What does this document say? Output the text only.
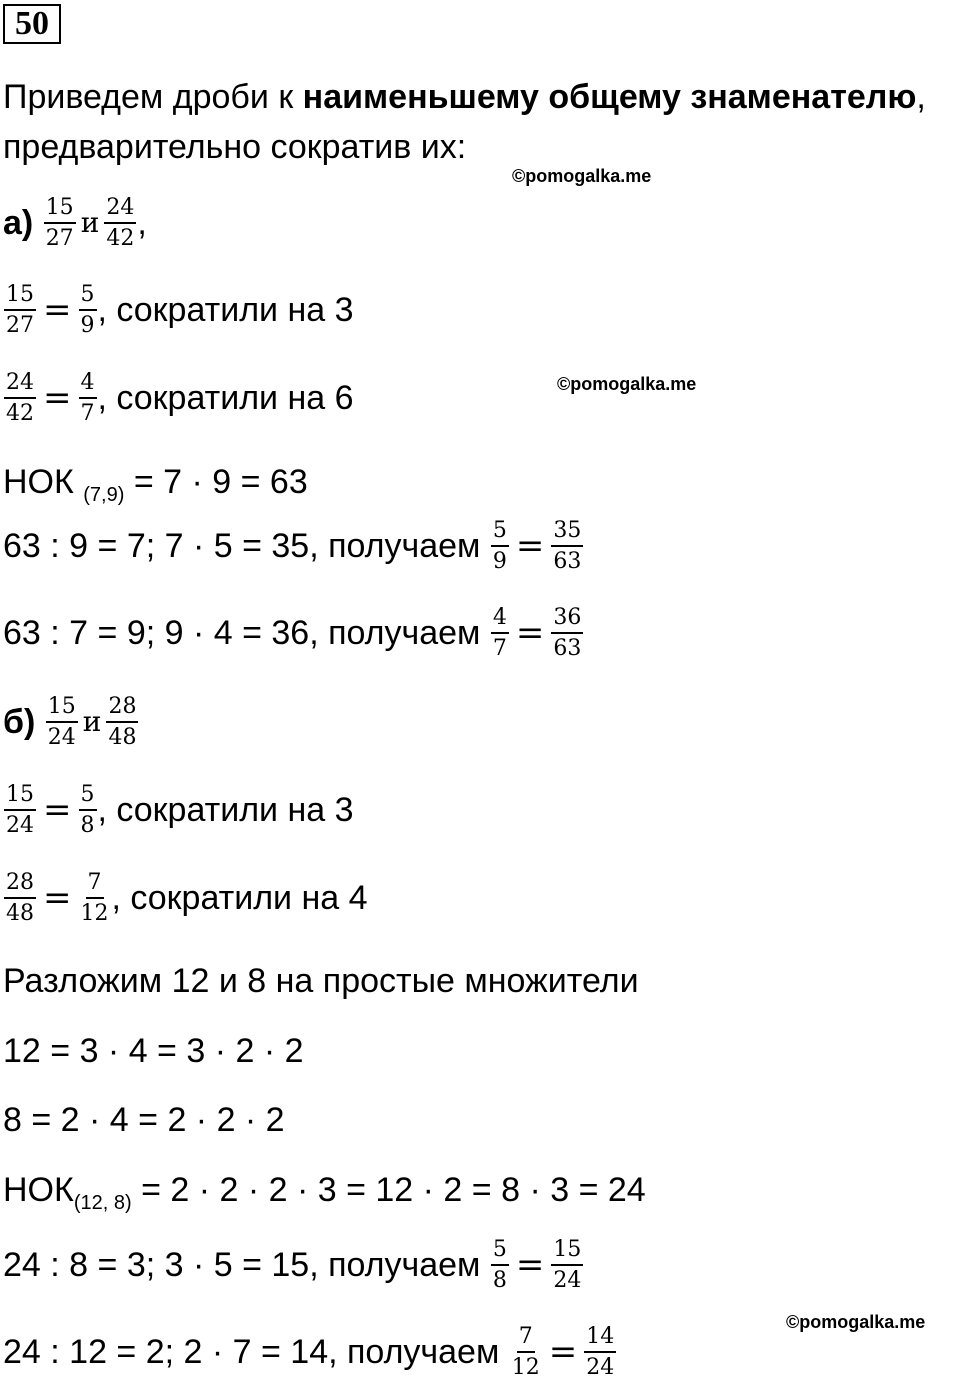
50
Приведем дроби к наименьшему общему знаменателю,
предварительно сократив их:
©pomogalka.me
$а) \frac{15}{27}$ и $\frac{24}{42}$ ,
$\frac{15}{27} = \frac{5}{9}$ , сократили на 3
©pomogalka.me
$\frac{24}{42} = \frac{4}{7}$ , сократили на 6
НОК $_{(7,9)}$ = 7 · 9 = 63
63 : 9 = 7; 7 · 5 = 35, получаем $\frac{5}{9} = \frac{35}{63}$
63 : 7 = 9; 9 · 4 = 36, получаем $\frac{4}{7} = \frac{36}{63}$
$б) \frac{15}{24}$ и $\frac{28}{48}$
$\frac{15}{24} = \frac{5}{8}$ , сократили на 3
$\frac{28}{48} = \frac{7}{12}$ , сократили на 4
Разложим 12 и 8 на простые множители
12 = 3 · 4 = 3 · 2 · 2
8 = 2 · 4 = 2 · 2 · 2
$НОК_{(12, 8)} = 2 \cdot 2 \cdot 2 \cdot 3 = 12 \cdot 2 = 8 \cdot 3 = 24$
24 : 8 = 3; 3 · 5 = 15, получаем $\frac{5}{8} = \frac{15}{24}$
©pomogalka.me
24 : 12 = 2; 2 · 7 = 14, получаем $\frac{7}{12} = \frac{14}{24}$
